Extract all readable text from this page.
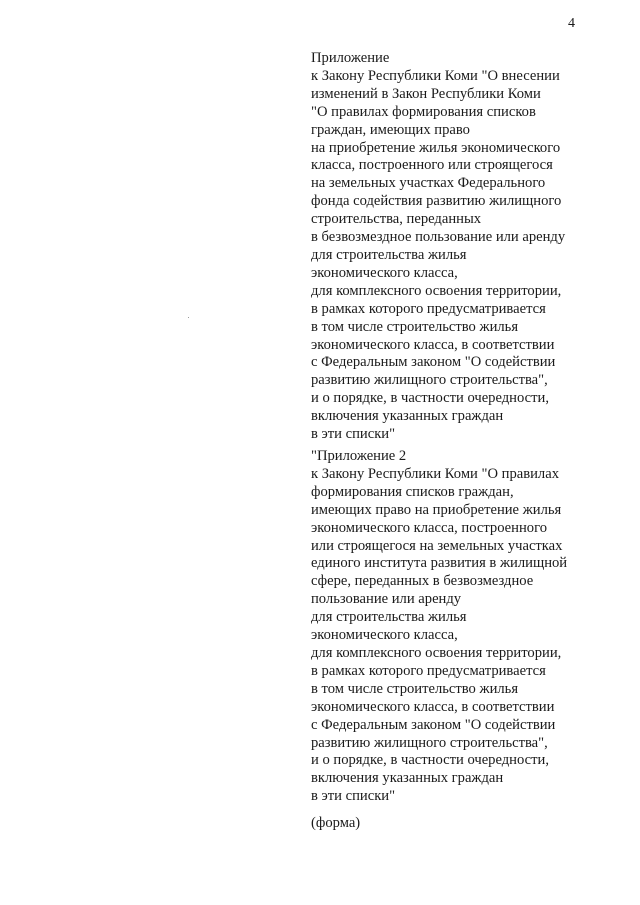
4
Приложение
к Закону Республики Коми "О внесении
изменений в Закон Республики Коми
"О правилах формирования списков
граждан, имеющих право
на приобретение жилья экономического
класса, построенного или строящегося
на земельных участках Федерального
фонда содействия развитию жилищного
строительства, переданных
в безвозмездное пользование или аренду
для строительства жилья
экономического класса,
для комплексного освоения территории,
в рамках которого предусматривается
в том числе строительство жилья
экономического класса, в соответствии
с Федеральным законом "О содействии
развитию жилищного строительства",
и о порядке, в частности очередности,
включения указанных граждан
в эти списки"
"Приложение 2
к Закону Республики Коми "О правилах
формирования списков граждан,
имеющих право на приобретение жилья
экономического класса, построенного
или строящегося на земельных участках
единого института развития в жилищной
сфере, переданных в безвозмездное
пользование или аренду
для строительства жилья
экономического класса,
для комплексного освоения территории,
в рамках которого предусматривается
в том числе строительство жилья
экономического класса, в соответствии
с Федеральным законом "О содействии
развитию жилищного строительства",
и о порядке, в частности очередности,
включения указанных граждан
в эти списки"
(форма)
